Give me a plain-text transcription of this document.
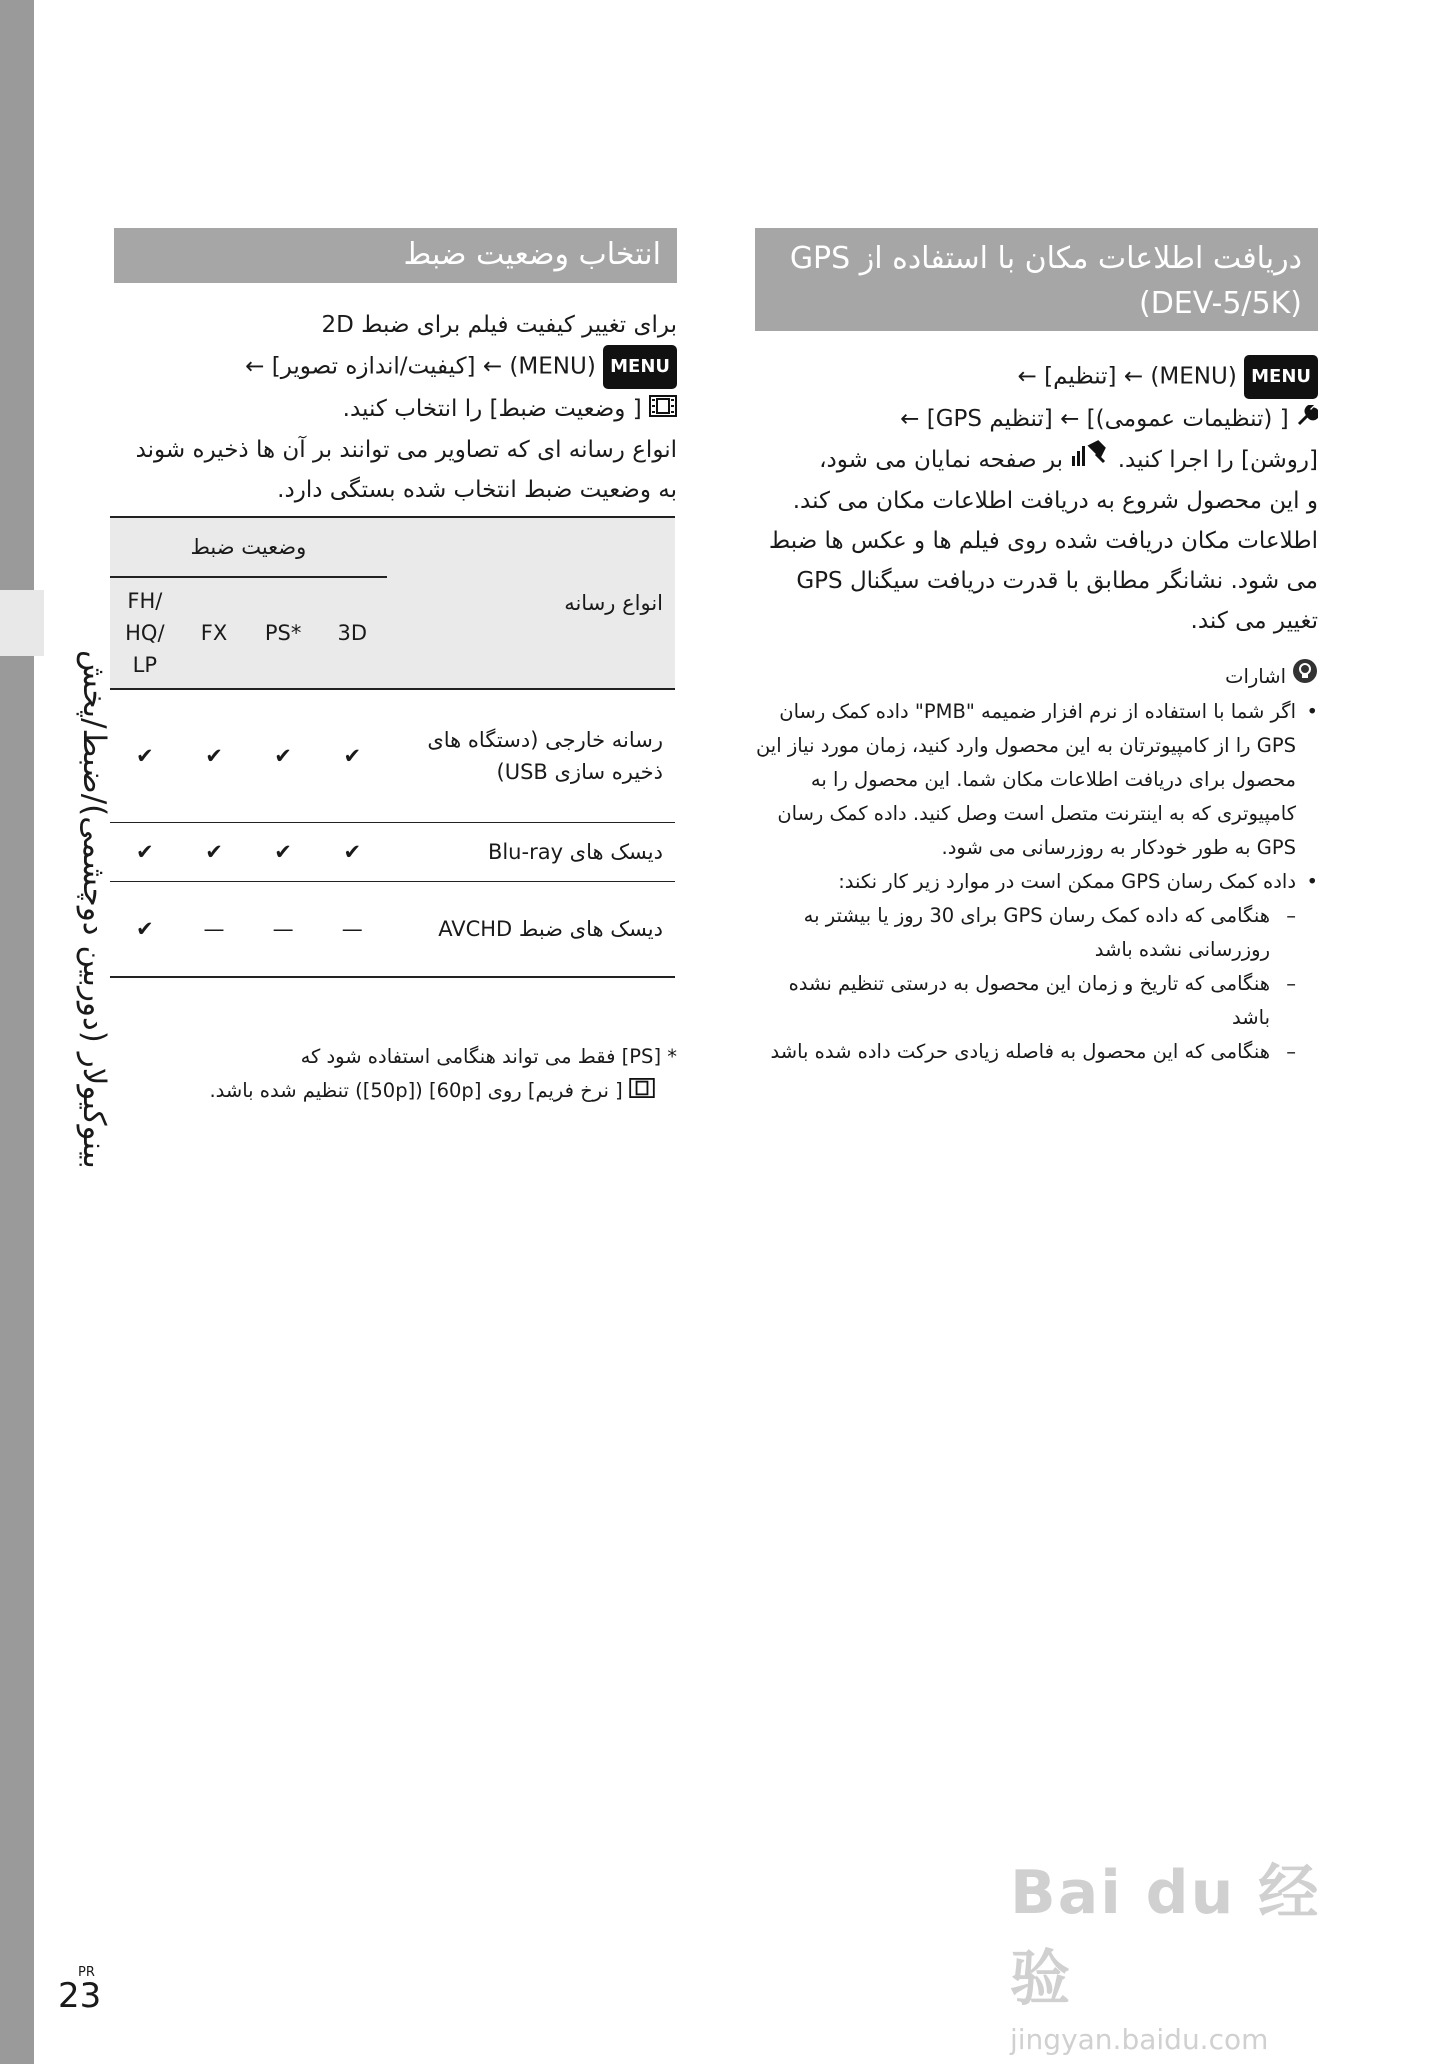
بینوکیولار (دوربین دوچشمی)/ضبط/پخش
PR
23
دریافت اطلاعات مکان با استفاده از GPS (DEV-5/5K)

MENU (MENU) ← [تنظیم] ←

[ (تنظیمات عمومی)] ← [تنظیم GPS] ←

[روشن] را اجرا کنید.  بر صفحه نمایان می شود،

و این محصول شروع به دریافت اطلاعات مکان می کند. اطلاعات مکان دریافت شده روی فیلم ها و عکس ها ضبط می شود. نشانگر مطابق با قدرت دریافت سیگنال GPS تغییر می کند.

اشارات
•
اگر شما با استفاده از نرم افزار ضمیمه "PMB" داده کمک رسان GPS را از کامپیوترتان به این محصول وارد کنید، زمان مورد نیاز این محصول برای دریافت اطلاعات مکان شما. این محصول را به کامپیوتری که به اینترنت متصل است وصل کنید. داده کمک رسان GPS به طور خودکار به روزرسانی می شود.
•
داده کمک رسان GPS ممکن است در موارد زیر کار نکند:
–
هنگامی که داده کمک رسان GPS برای 30 روز یا بیشتر به روزرسانی نشده باشد
–
هنگامی که تاریخ و زمان این محصول به درستی تنظیم نشده باشد
–
هنگامی که این محصول به فاصله زیادی حرکت داده شده باشد
انتخاب وضعیت ضبط

برای تغییر کیفیت فیلم برای ضبط 2D

MENU (MENU) ← [کیفیت/اندازه تصویر] ←

[ وضعیت ضبط] را انتخاب کنید.

انواع رسانه ای که تصاویر می توانند بر آن ها ذخیره شوند به وضعیت ضبط انتخاب شده بستگی دارد.

انواع رسانه	وضعیت ضبط			
	3D	*PS	FX	FH/ HQ/ LP
رسانه خارجی (دستگاه های ذخیره سازی USB)	✔	✔	✔	✔
دیسک های Blu-ray	✔	✔	✔	✔
دیسک های ضبط AVCHD	—	—	—	✔
* [PS] فقط می تواند هنگامی استفاده شود که
[ نرخ فریم] روی [60p] ([50p]) تنظیم شده باشد.
Bai du 经验
jingyan.baidu.com
